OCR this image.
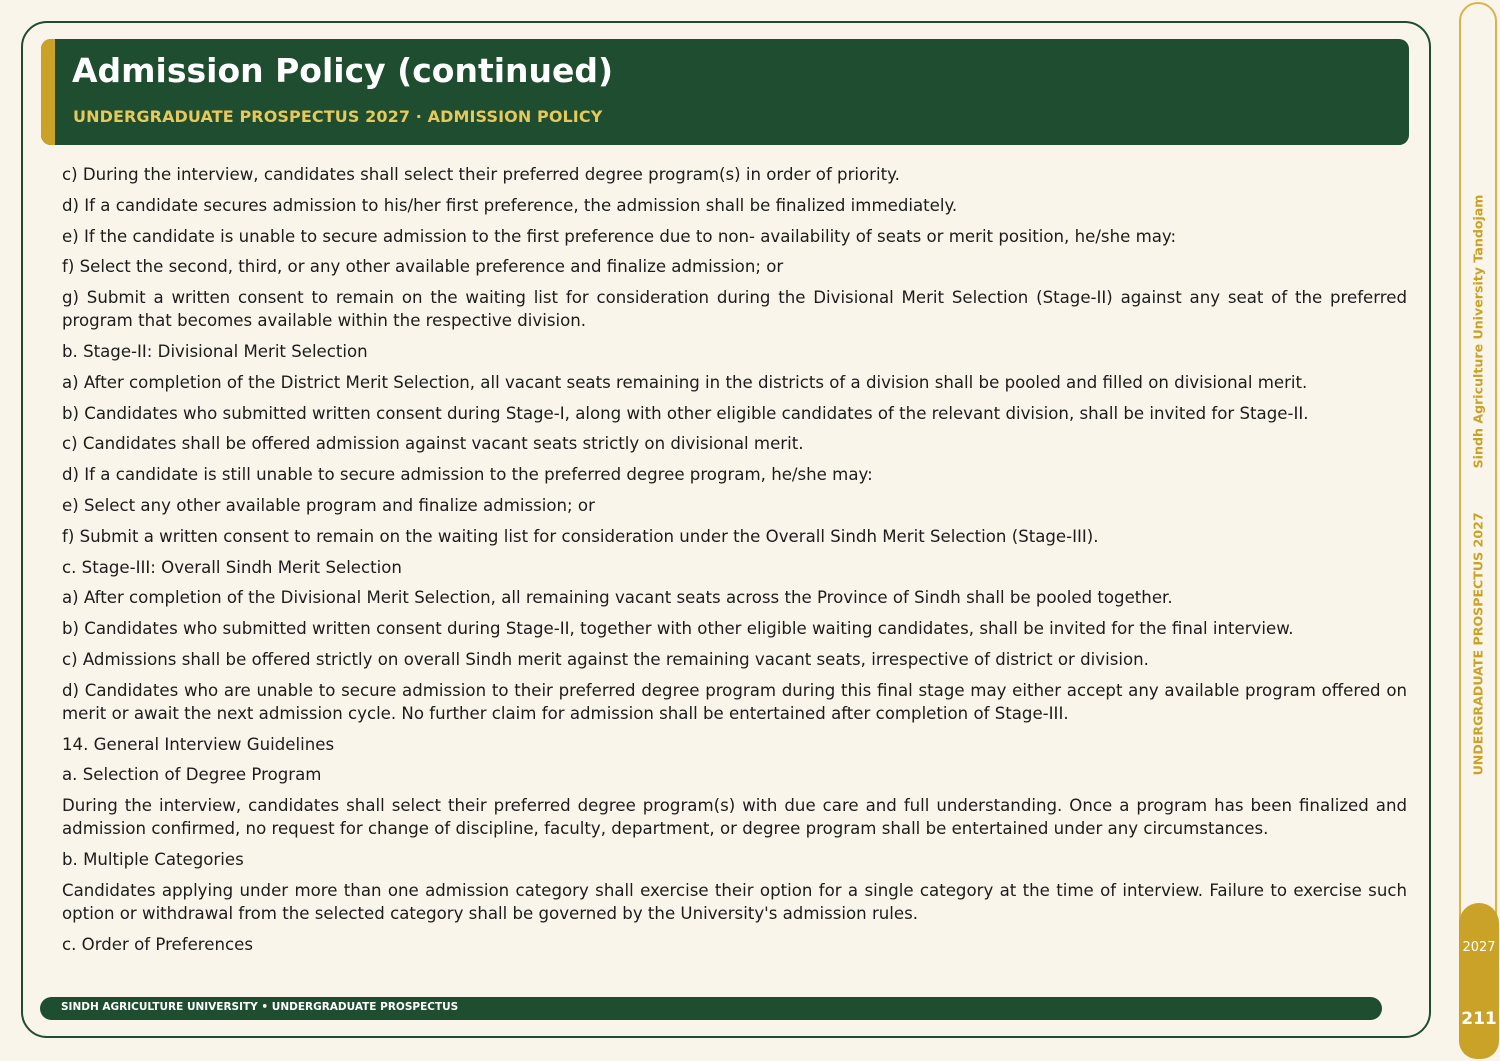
Admission Policy (continued)
UNDERGRADUATE PROSPECTUS 2027 · ADMISSION POLICY

c) During the interview, candidates shall select their preferred degree program(s) in order of priority.

d) If a candidate secures admission to his/her first preference, the admission shall be finalized immediately.

e) If the candidate is unable to secure admission to the first preference due to non- availability of seats or merit position, he/she may:

f) Select the second, third, or any other available preference and finalize admission; or

g) Submit a written consent to remain on the waiting list for consideration during the Divisional Merit Selection (Stage-II) against any seat of the preferred program that becomes available within the respective division.

b. Stage-II: Divisional Merit Selection

a) After completion of the District Merit Selection, all vacant seats remaining in the districts of a division shall be pooled and filled on divisional merit.

b) Candidates who submitted written consent during Stage-I, along with other eligible candidates of the relevant division, shall be invited for Stage-II.

c) Candidates shall be offered admission against vacant seats strictly on divisional merit.

d) If a candidate is still unable to secure admission to the preferred degree program, he/she may:

e) Select any other available program and finalize admission; or

f) Submit a written consent to remain on the waiting list for consideration under the Overall Sindh Merit Selection (Stage-III).

c. Stage-III: Overall Sindh Merit Selection

a) After completion of the Divisional Merit Selection, all remaining vacant seats across the Province of Sindh shall be pooled together.

b) Candidates who submitted written consent during Stage-II, together with other eligible waiting candidates, shall be invited for the final interview.

c) Admissions shall be offered strictly on overall Sindh merit against the remaining vacant seats, irrespective of district or division.

d) Candidates who are unable to secure admission to their preferred degree program during this final stage may either accept any available program offered on merit or await the next admission cycle. No further claim for admission shall be entertained after completion of Stage-III.

14. General Interview Guidelines

a. Selection of Degree Program

During the interview, candidates shall select their preferred degree program(s) with due care and full understanding. Once a program has been finalized and admission confirmed, no request for change of discipline, faculty, department, or degree program shall be entertained under any circumstances.

b. Multiple Categories

Candidates applying under more than one admission category shall exercise their option for a single category at the time of interview. Failure to exercise such option or withdrawal from the selected category shall be governed by the University's admission rules.

c. Order of Preferences

SINDH AGRICULTURE UNIVERSITY • UNDERGRADUATE PROSPECTUS
UNDERGRADUATE PROSPECTUS 2027Sindh Agriculture University Tandojam
2027
211
